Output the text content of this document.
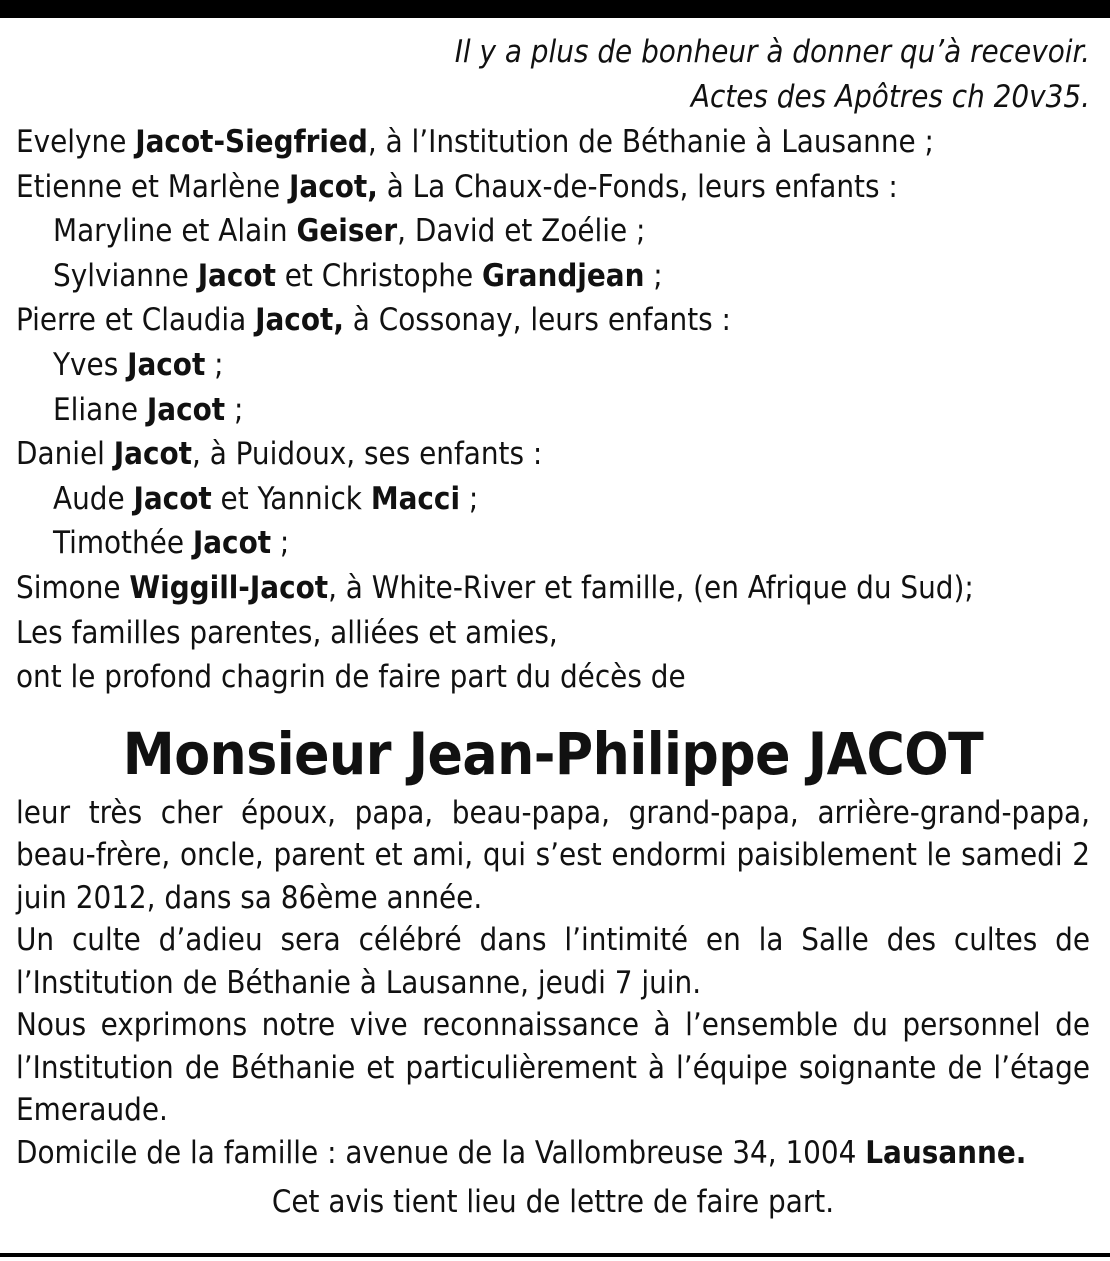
Il y a plus de bonheur à donner qu’à recevoir.

Actes des Apôtres ch 20v35.

Evelyne Jacot-Siegfried, à l’Institution de Béthanie à Lausanne ;
Etienne et Marlène Jacot, à La Chaux-de-Fonds, leurs enfants :
Maryline et Alain Geiser, David et Zoélie ;
Sylvianne Jacot et Christophe Grandjean ;
Pierre et Claudia Jacot, à Cossonay, leurs enfants :
Yves Jacot ;
Eliane Jacot ;
Daniel Jacot, à Puidoux, ses enfants :
Aude Jacot et Yannick Macci ;
Timothée Jacot ;
Simone Wiggill-Jacot, à White-River et famille, (en Afrique du Sud);
Les familles parentes, alliées et amies,
ont le profond chagrin de faire part du décès de
Monsieur Jean-Philippe JACOT

leur très cher époux, papa, beau-papa, grand-papa, arrière-grand-papa, beau-frère, oncle, parent et ami, qui s’est endormi paisiblement le samedi 2 juin 2012, dans sa 86ème année.

Un culte d’adieu sera célébré dans l’intimité en la Salle des cultes de l’Institution de Béthanie à Lausanne, jeudi 7 juin.

Nous exprimons notre vive reconnaissance à l’ensemble du personnel de l’Institution de Béthanie et particulièrement à l’équipe soignante de l’étage Emeraude.

Domicile de la famille : avenue de la Vallombreuse 34, 1004 Lausanne.

Cet avis tient lieu de lettre de faire part.
